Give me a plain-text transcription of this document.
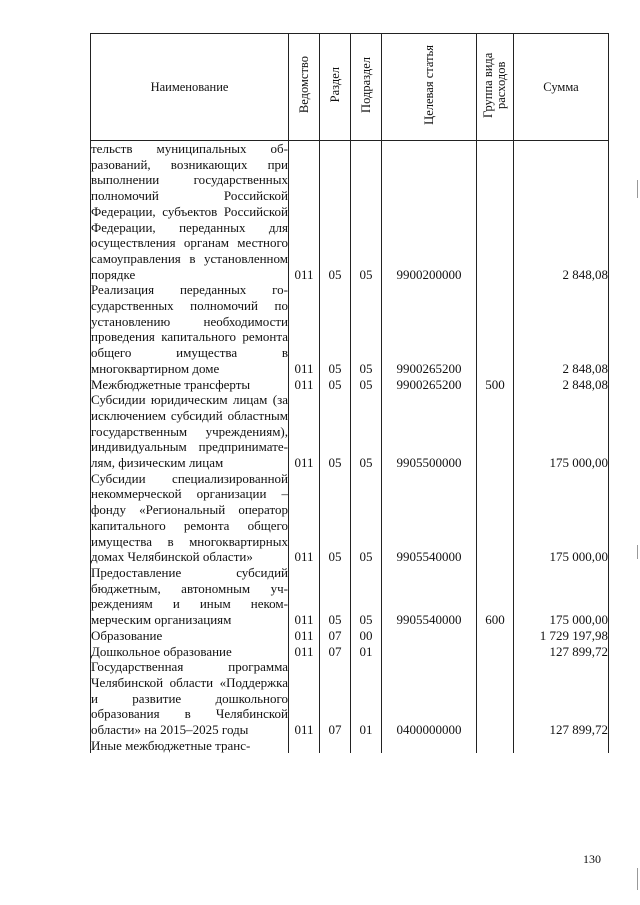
Наименование	Ведомство	Раздел	Подраздел	Целевая статья	Группа вида расходов	Сумма
тельств муниципальных образований, возникающих при выполнении государственных полномочий Российской Федерации, субъектов Российской Федерации, переданных для осуществления органам местного самоуправления в установленном порядке	011	05	05	9900200000		2 848,08
Реализация переданных государственных полномочий по установлению необходимости проведения капитального ремонта общего имущества в многоквартирном доме	011	05	05	9900265200		2 848,08
Межбюджетные трансферты	011	05	05	9900265200	500	2 848,08
Субсидии юридическим лицам (за исключением субсидий областным государственным учреждениям), индивидуальным предпринимателям, физическим лицам	011	05	05	9905500000		175 000,00
Субсидии специализированной некоммерческой организации – фонду «Региональный оператор капитального ремонта общего имущества в многоквартирных домах Челябинской области»	011	05	05	9905540000		175 000,00
Предоставление субсидий бюджетным, автономным учреждениям и иным некоммерческим организациям	011	05	05	9905540000	600	175 000,00
Образование	011	07	00			1 729 197,98
Дошкольное образование	011	07	01			127 899,72
Государственная программа Челябинской области «Поддержка и развитие дошкольного образования в Челябинской области» на 2015–2025 годы	011	07	01	0400000000		127 899,72
Иные межбюджетные транс-						
130
